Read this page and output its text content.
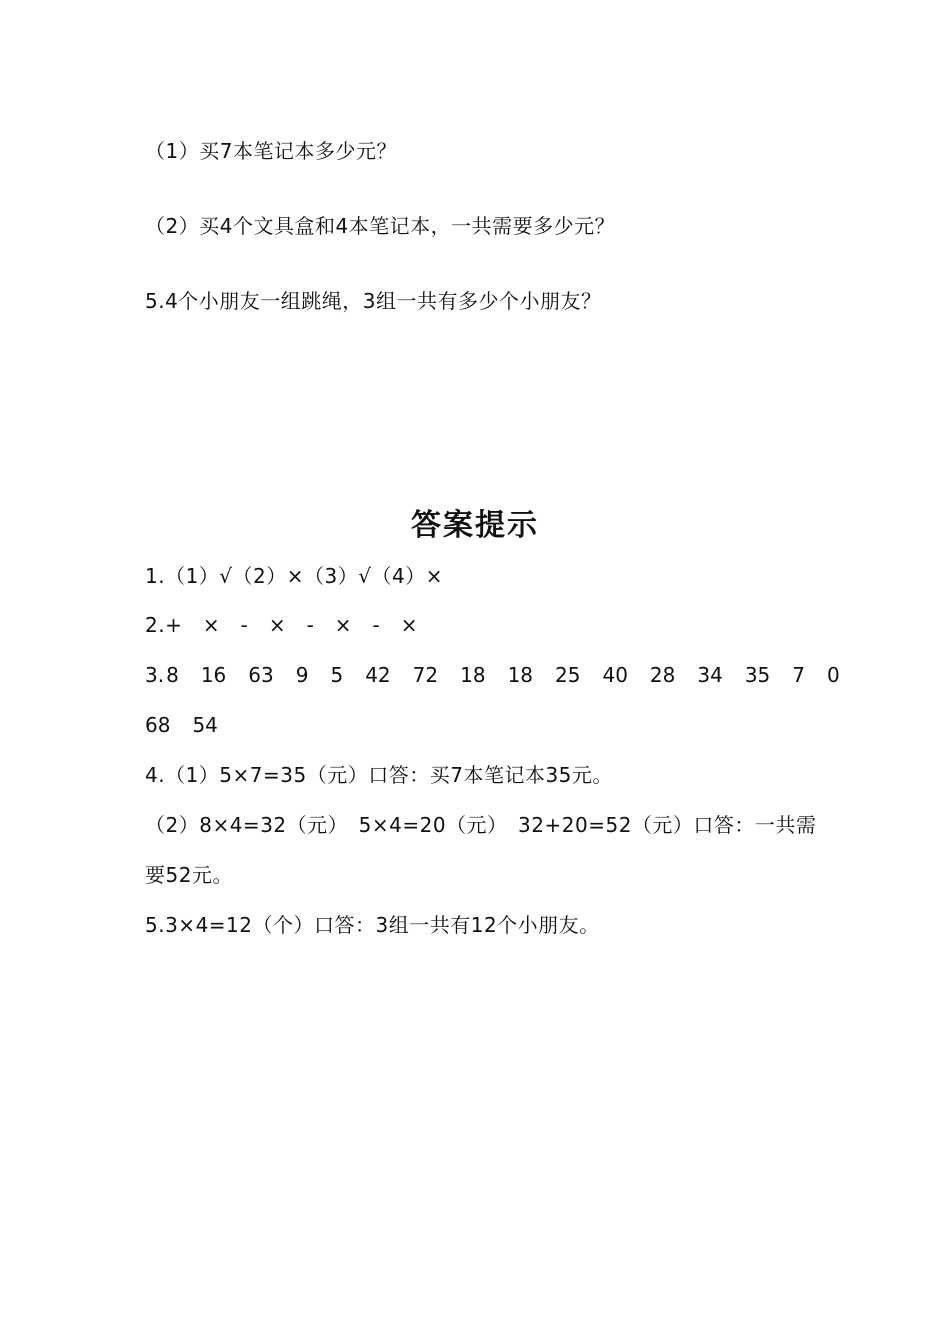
（1）买7本笔记本多少元？
（2）买4个文具盒和4本笔记本，一共需要多少元？
5.4个小朋友一组跳绳，3组一共有多少个小朋友？
答案提示
1.（1）√（2）×（3）√（4）×
2.+　×　-　×　-　×　-　×
3. 8 16 63 9 5 42 72 18 18 25 40 28 34 35 7 0
68 54
4.（1）5×7=35（元）口答：买7本笔记本35元。
（2）8×4=32（元）　5×4=20（元）　32+20=52（元）口答：一共需
要52元。
5.3×4=12（个）口答：3组一共有12个小朋友。
